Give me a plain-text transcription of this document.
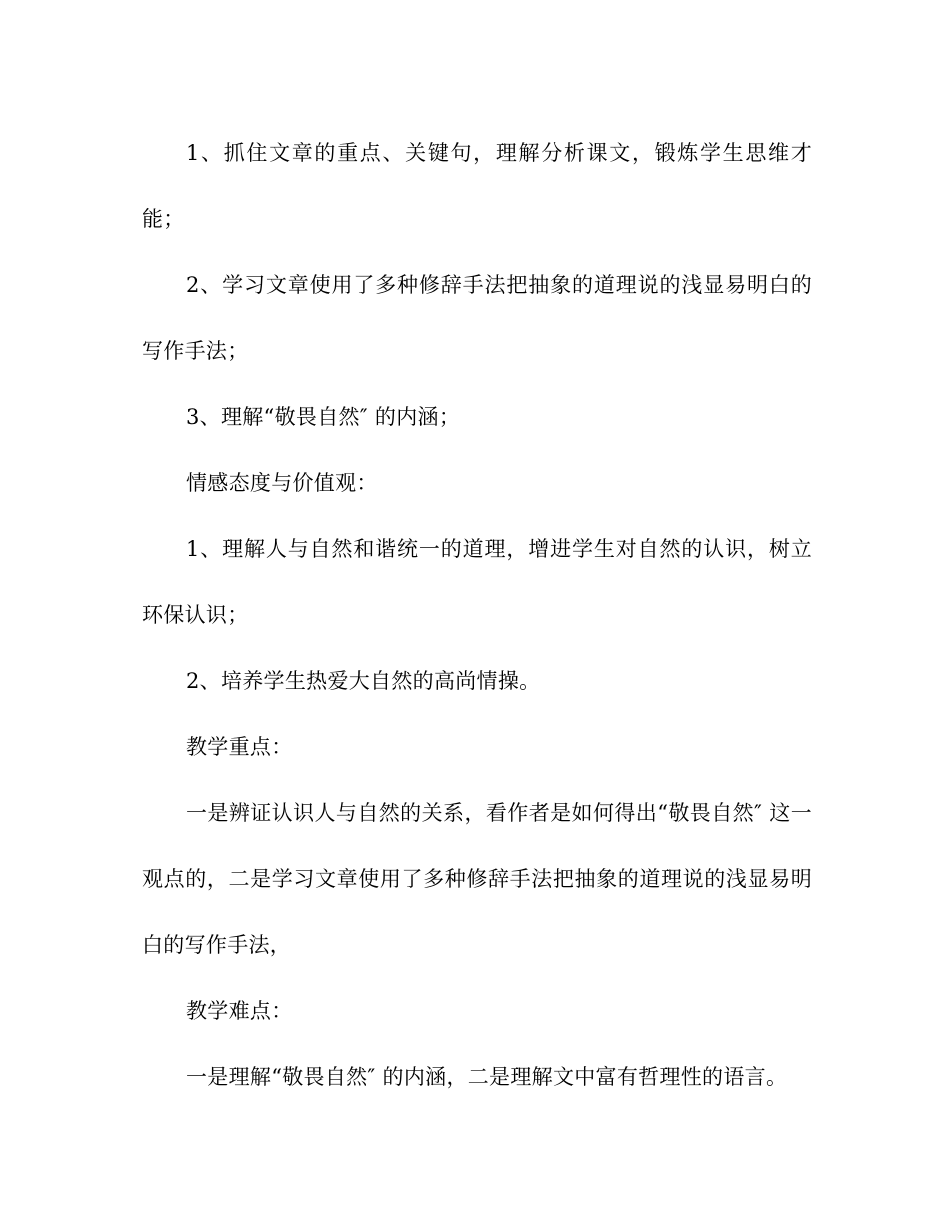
1、抓住文章的重点、关键句，理解分析课文，锻炼学生思维才能；

2、学习文章使用了多种修辞手法把抽象的道理说的浅显易明白的写作手法；

3、理解“敬畏自然″ 的内涵；

情感态度与价值观：

1、理解人与自然和谐统一的道理，增进学生对自然的认识，树立环保认识；

2、培养学生热爱大自然的高尚情操。

教学重点：

一是辨证认识人与自然的关系，看作者是如何得出“敬畏自然″ 这一观点的，二是学习文章使用了多种修辞手法把抽象的道理说的浅显易明白的写作手法，

教学难点：

一是理解“敬畏自然″ 的内涵，二是理解文中富有哲理性的语言。
